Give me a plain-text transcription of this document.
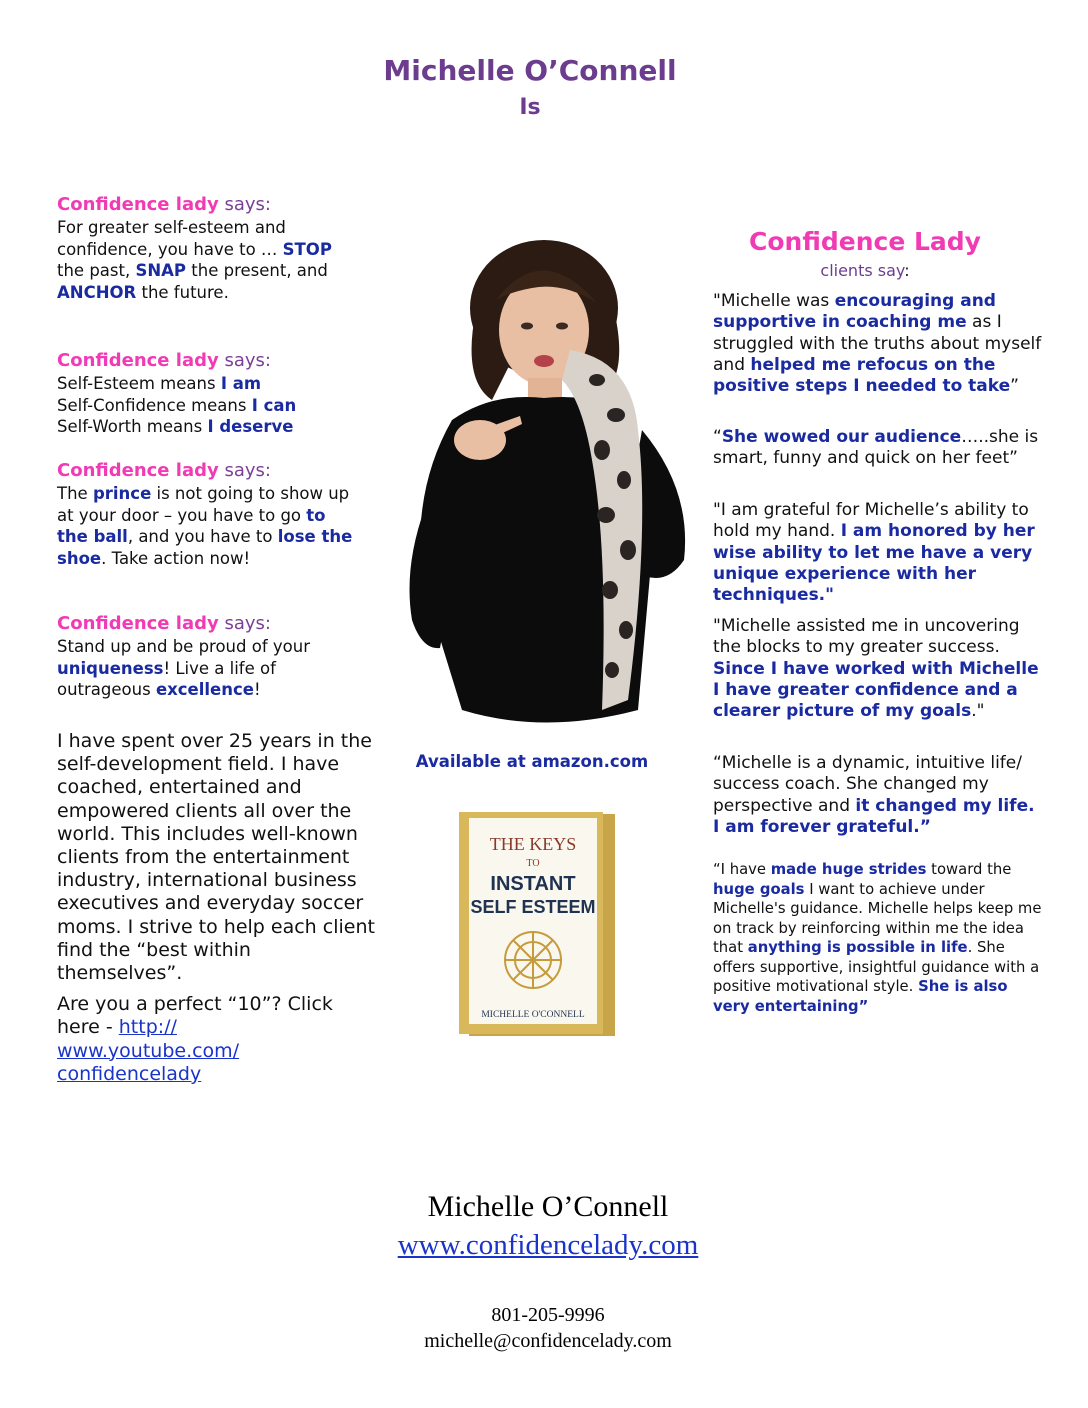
Michelle O’Connell
Is
Confidence lady says:
For greater self-esteem and confidence, you have to … STOP the past, SNAP the present, and ANCHOR the future.
Confidence lady says:
Self-Esteem means I am
Self-Confidence means I can
Self-Worth means I deserve
Confidence lady says:
The prince is not going to show up at your door – you have to go to the ball, and you have to lose the shoe. Take action now!
Confidence lady says:
Stand up and be proud of your uniqueness! Live a life of outrageous excellence!

I have spent over 25 years in the self-development field. I have coached, entertained and empowered clients all over the world. This includes well-known clients from the entertainment industry, international business executives and everyday soccer moms. I strive to help each client find the “best within themselves”.

Are you a perfect “10”? Click here - http://
www.youtube.com/
confidencelady

Available at amazon.com
THE KEYS
TO
INSTANT
SELF ESTEEM
MICHELLE O'CONNELL
Confidence Lady
clients say:
"Michelle was encouraging and supportive in coaching me as I struggled with the truths about myself and helped me refocus on the positive steps I needed to take”
“She wowed our audience…..she is smart, funny and quick on her feet”
"I am grateful for Michelle’s ability to hold my hand. I am honored by her wise ability to let me have a very unique experience with her techniques."
"Michelle assisted me in uncovering the blocks to my greater success. Since I have worked with Michelle I have greater confidence and a clearer picture of my goals."
“Michelle is a dynamic, intuitive life/ success coach. She changed my perspective and it changed my life. I am forever grateful.”
“I have made huge strides toward the huge goals I want to achieve under Michelle's guidance. Michelle helps keep me on track by reinforcing within me the idea that anything is possible in life. She offers supportive, insightful guidance with a positive motivational style. She is also very entertaining”
Michelle O’Connell
www.confidencelady.com
801-205-9996
michelle@confidencelady.com
